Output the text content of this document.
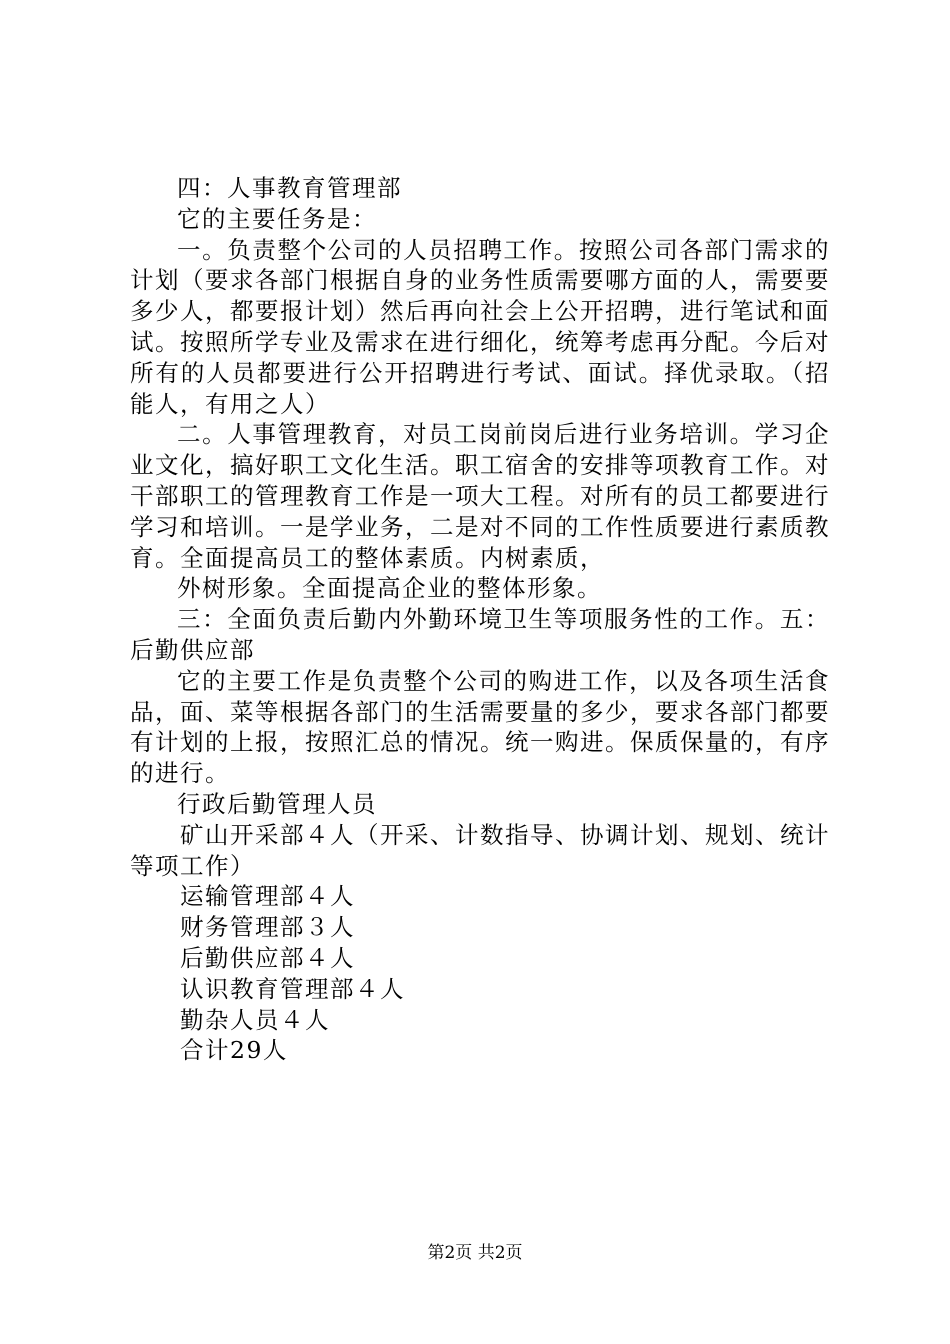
四：人事教育管理部

它的主要任务是：

一。负责整个公司的人员招聘工作。按照公司各部门需求的计划（要求各部门根据自身的业务性质需要哪方面的人，需要要多少人，都要报计划）然后再向社会上公开招聘，进行笔试和面试。按照所学专业及需求在进行细化，统筹考虑再分配。今后对所有的人员都要进行公开招聘进行考试、面试。择优录取。（招能人，有用之人）

二。人事管理教育，对员工岗前岗后进行业务培训。学习企业文化，搞好职工文化生活。职工宿舍的安排等项教育工作。对干部职工的管理教育工作是一项大工程。对所有的员工都要进行学习和培训。一是学业务，二是对不同的工作性质要进行素质教育。全面提高员工的整体素质。内树素质，

外树形象。全面提高企业的整体形象。

三：全面负责后勤内外勤环境卫生等项服务性的工作。五：后勤供应部

它的主要工作是负责整个公司的购进工作，以及各项生活食品，面、菜等根据各部门的生活需要量的多少，要求各部门都要有计划的上报，按照汇总的情况。统一购进。保质保量的，有序的进行。

行政后勤管理人员

矿山开采部４人（开采、计数指导、协调计划、规划、统计等项工作）

运输管理部４人

财务管理部３人

后勤供应部４人

认识教育管理部４人

勤杂人员４人

合计29人

第2页 共2页
